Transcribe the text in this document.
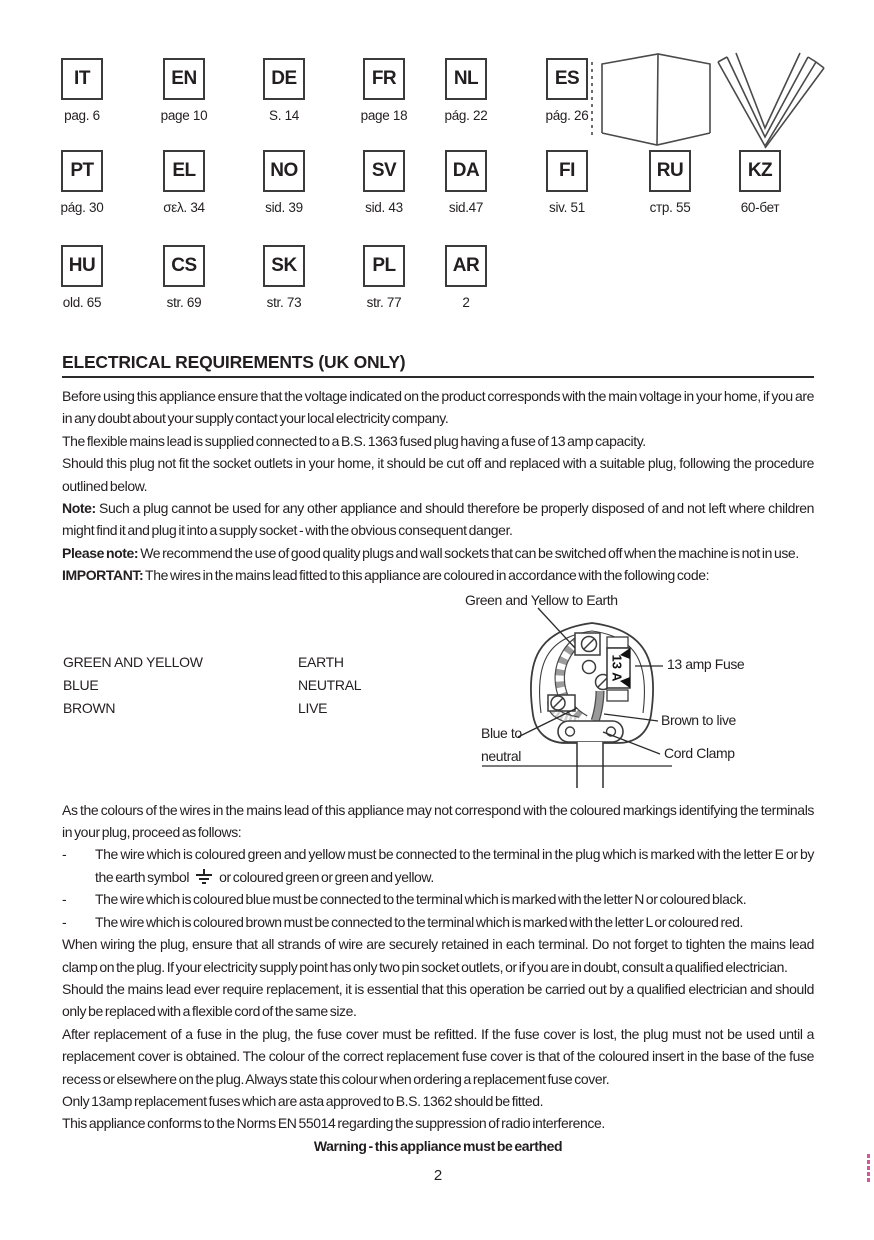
IT
pag. 6
EN
page 10
DE
S. 14
FR
page 18
NL
pág. 22
ES
pág. 26
PT
pág. 30
EL
σελ. 34
NO
sid. 39
SV
sid. 43
DA
sid.47
FI
siv. 51
RU
стр. 55
KZ
60-бет
HU
old. 65
CS
str. 69
SK
str. 73
PL
str. 77
AR
2
ELECTRICAL REQUIREMENTS (UK ONLY)

Before using this appliance ensure that the voltage indicated on the product corresponds with the main voltage in your home, if you are in any doubt about your supply contact your local electricity company.

The flexible mains lead is supplied connected to a B.S. 1363 fused plug having a fuse of 13 amp capacity.

Should this plug not fit the socket outlets in your home, it should be cut off and replaced with a suitable plug, following the procedure outlined below.

Note: Such a plug cannot be used for any other appliance and should therefore be properly disposed of and not left where children might find it and plug it into a supply socket - with the obvious consequent danger.

Please note: We recommend the use of good quality plugs and wall sockets that can be switched off when the machine is not in use.

IMPORTANT: The wires in the mains lead fitted to this appliance are coloured in accordance with the following code:

Green and Yellow to Earth
GREEN AND YELLOW	EARTH
BLUE	NEUTRAL
BROWN	LIVE
13 A	13 amp Fuse
Brown to live
Cord Clamp
Blue to
neutral

As the colours of the wires in the mains lead of this appliance may not correspond with the coloured markings identifying the terminals in your plug, proceed as follows:

-	The wire which is coloured green and yellow must be connected to the terminal in the plug which is marked with the letter E or by the earth symbol or coloured green or green and yellow.
-	The wire which is coloured blue must be connected to the terminal which is marked with the letter N or coloured black.
-	The wire which is coloured brown must be connected to the terminal which is marked with the letter L or coloured red.

When wiring the plug, ensure that all strands of wire are securely retained in each terminal. Do not forget to tighten the mains lead clamp on the plug. If your electricity supply point has only two pin socket outlets, or if you are in doubt, consult a qualified electrician.

Should the mains lead ever require replacement, it is essential that this operation be carried out by a qualified electrician and should only be replaced with a flexible cord of the same size.

After replacement of a fuse in the plug, the fuse cover must be refitted. If the fuse cover is lost, the plug must not be used until a replacement cover is obtained. The colour of the correct replacement fuse cover is that of the coloured insert in the base of the fuse recess or elsewhere on the plug. Always state this colour when ordering a replacement fuse cover.

Only 13amp replacement fuses which are asta approved to B.S. 1362 should be fitted.

This appliance conforms to the Norms EN 55014 regarding the suppression of radio interference.

Warning - this appliance must be earthed

2
